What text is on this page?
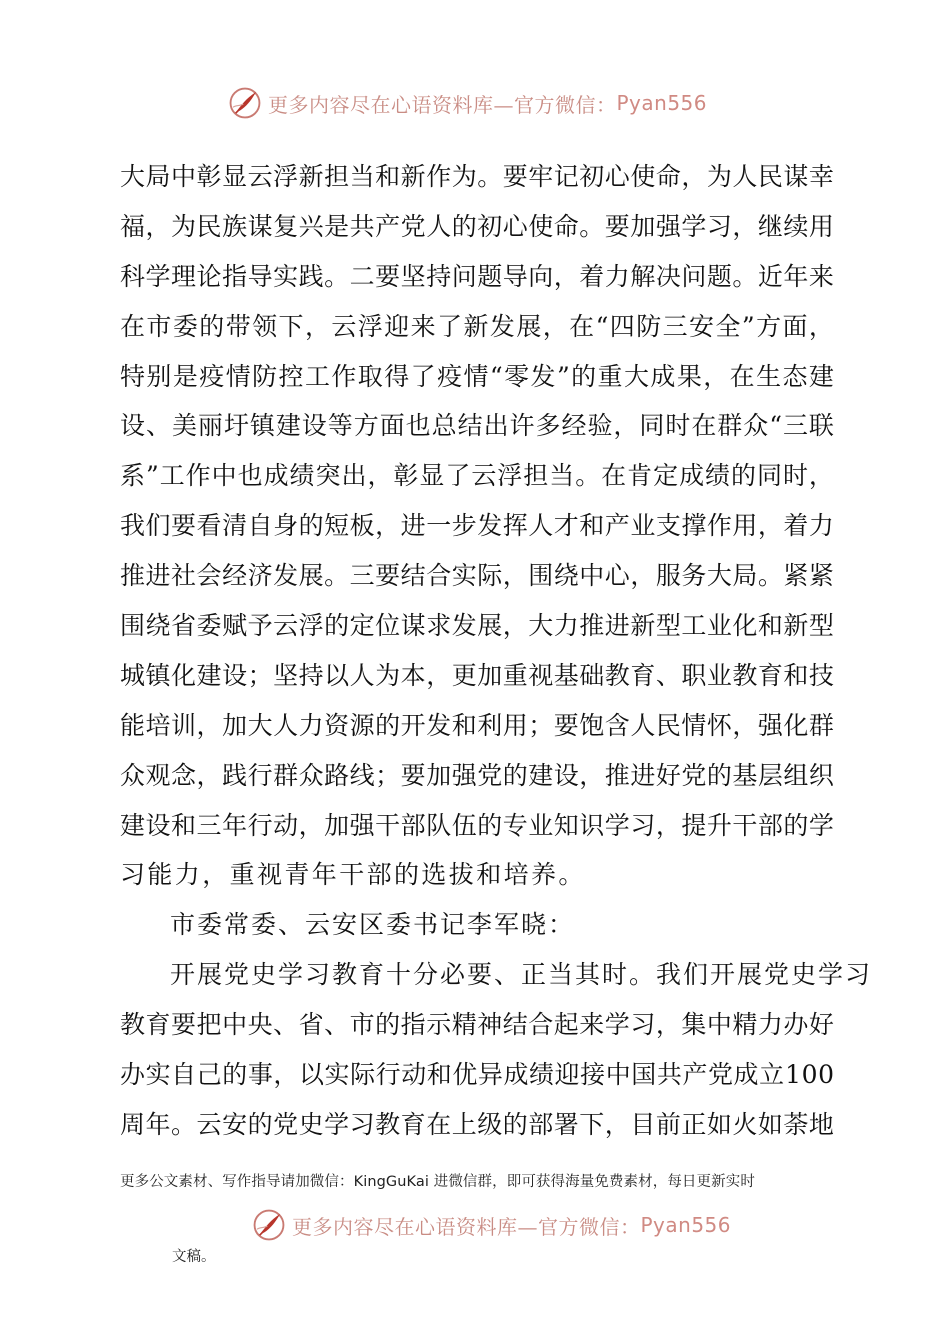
更多内容尽在心语资料库—官方微信： Pyan556
大 局 中 彰 显 云 浮 新 担 当 和 新 作 为 。 要 牢 记 初 心 使 命 ， 为 人 民 谋 幸
福 ， 为 民 族 谋 复 兴 是 共 产 党 人 的 初 心 使 命 。 要 加 强 学 习 ， 继 续 用
科 学 理 论 指 导 实 践 。 二 要 坚 持 问 题 导 向 ， 着 力 解 决 问 题 。 近 年 来
在 市 委 的 带 领 下 ， 云 浮 迎 来 了 新 发 展 ， 在 “ 四 防 三 安 全 ” 方 面 ，
特 别 是 疫 情 防 控 工 作 取 得 了 疫 情 “ 零 发 ” 的 重 大 成 果 ， 在 生 态 建
设 、 美 丽 圩 镇 建 设 等 方 面 也 总 结 出 许 多 经 验 ， 同 时 在 群 众 “ 三 联
系 ” 工 作 中 也 成 绩 突 出 ， 彰 显 了 云 浮 担 当 。 在 肯 定 成 绩 的 同 时 ，
我 们 要 看 清 自 身 的 短 板 ， 进 一 步 发 挥 人 才 和 产 业 支 撑 作 用 ， 着 力
推 进 社 会 经 济 发 展 。 三 要 结 合 实 际 ， 围 绕 中 心 ， 服 务 大 局 。 紧 紧
围 绕 省 委 赋 予 云 浮 的 定 位 谋 求 发 展 ， 大 力 推 进 新 型 工 业 化 和 新 型
城 镇 化 建 设 ； 坚 持 以 人 为 本 ， 更 加 重 视 基 础 教 育 、 职 业 教 育 和 技
能 培 训 ， 加 大 人 力 资 源 的 开 发 和 利 用 ； 要 饱 含 人 民 情 怀 ， 强 化 群
众 观 念 ， 践 行 群 众 路 线 ； 要 加 强 党 的 建 设 ， 推 进 好 党 的 基 层 组 织
建 设 和 三 年 行 动 ， 加 强 干 部 队 伍 的 专 业 知 识 学 习 ， 提 升 干 部 的 学
习能力，重视青年干部的选拔和培养。
市委常委、云安区委书记李军晓：
开展党史学习教育十分必要、正当其时。我们开展党史学习
教 育 要 把 中 央 、 省 、 市 的 指 示 精 神 结 合 起 来 学 习 ， 集 中 精 力 办 好
办 实 自 己 的 事 ， 以 实 际 行 动 和 优 异 成 绩 迎 接 中 国 共 产 党 成 立 1 0 0
周 年 。 云 安 的 党 史 学 习 教 育 在 上 级 的 部 署 下 ， 目 前 正 如 火 如 荼 地
更多公文素材、写作指导请加微信：KingGuKai 进微信群，即可获得海量免费素材，每日更新实时
更多内容尽在心语资料库—官方微信： Pyan556
文稿。
